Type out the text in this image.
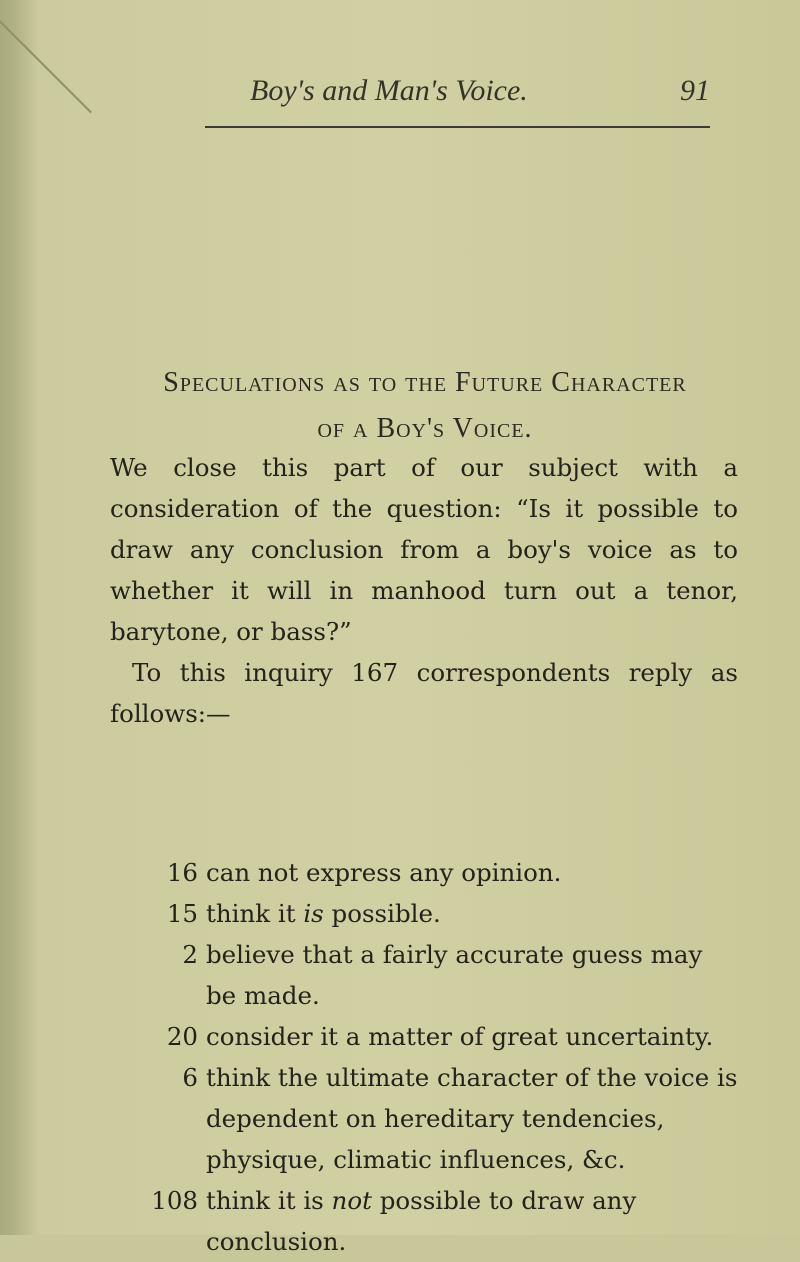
Boy's and Man's Voice.	91
Speculations as to the Future Character
of a Boy's Voice.

We close this part of our subject with a consideration of the question: “Is it possible to draw any conclusion from a boy's voice as to whether it will in manhood turn out a tenor, barytone, or bass?”

To this inquiry 167 correspondents reply as follows:—

16 can not express any opinion.
15 think it is possible.
2 believe that a fairly accurate guess may be made.
20 consider it a matter of great uncertainty.
6 think the ultimate character of the voice is dependent on hereditary tendencies, physique, climatic influences, &c.
108 think it is not possible to draw any conclusion.
